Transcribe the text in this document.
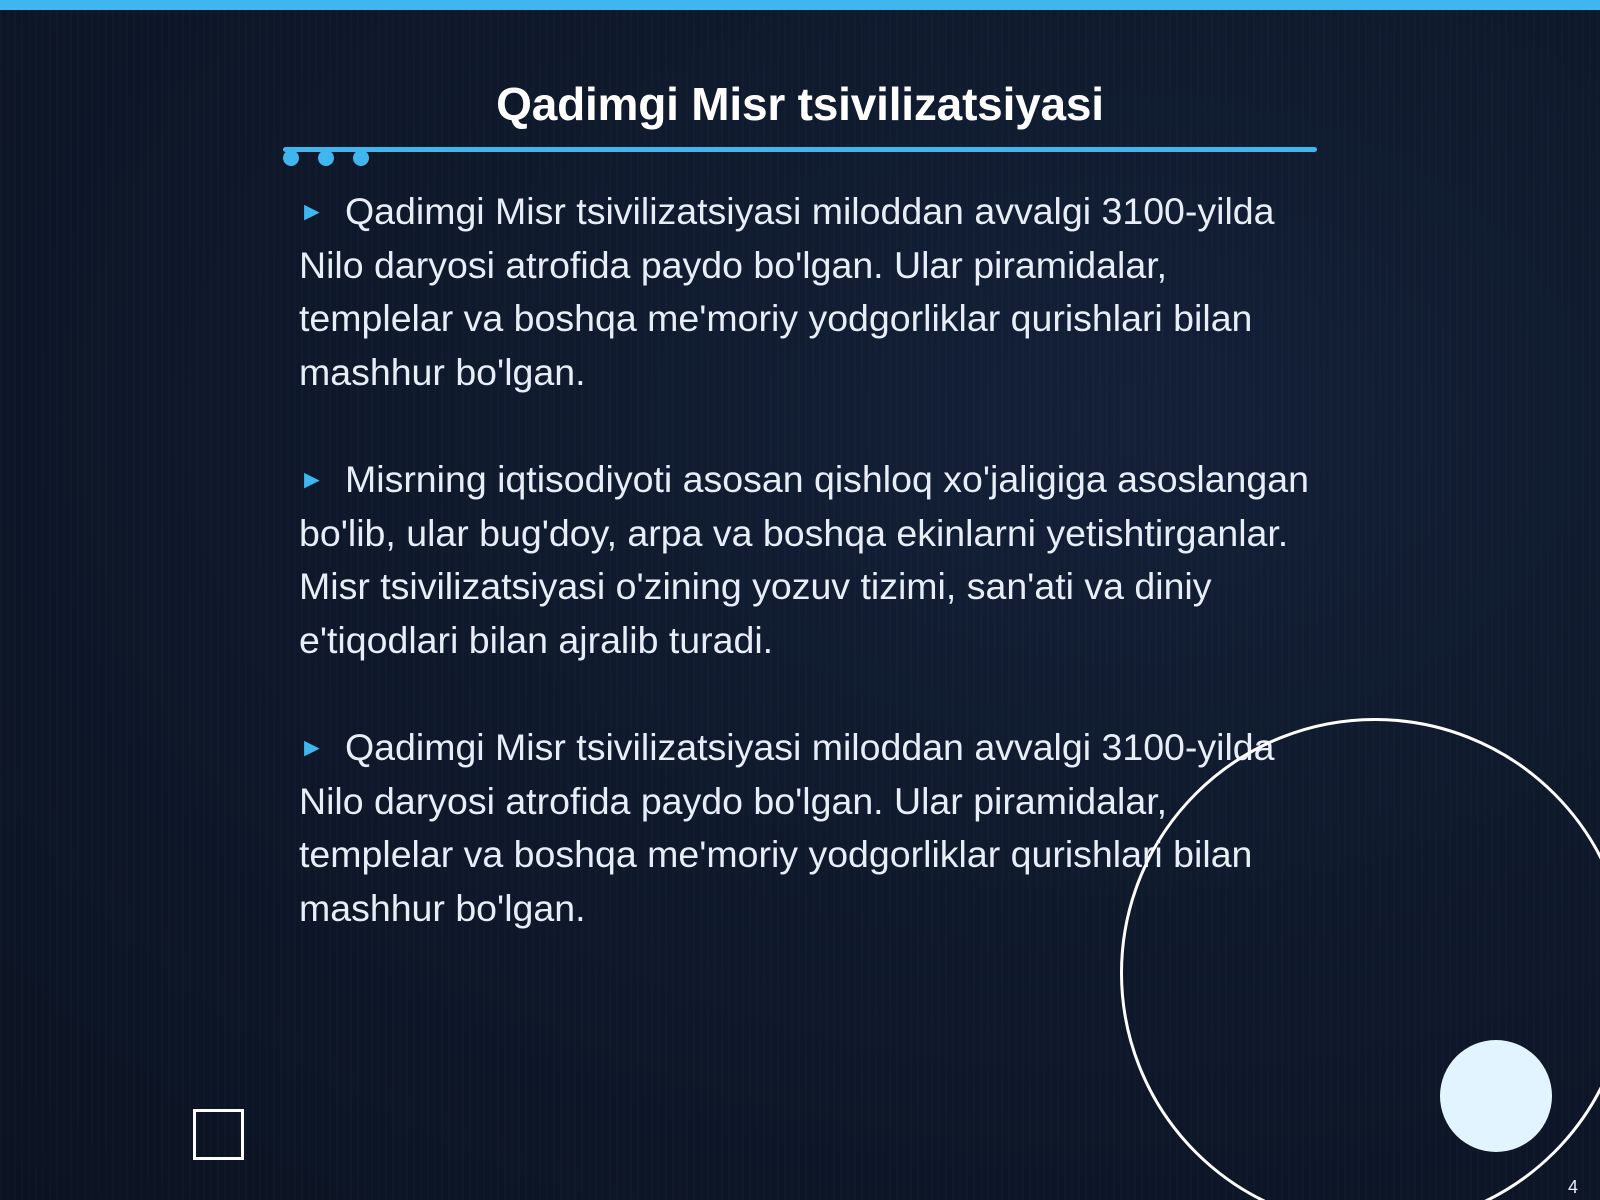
Qadimgi Misr tsivilizatsiyasi
► Qadimgi Misr tsivilizatsiyasi miloddan avvalgi 3100-yilda Nilo daryosi atrofida paydo bo'lgan. Ular piramidalar, templelar va boshqa me'moriy yodgorliklar qurishlari bilan mashhur bo'lgan.
► Misrning iqtisodiyoti asosan qishloq xo'jaligiga asoslangan bo'lib, ular bug'doy, arpa va boshqa ekinlarni yetishtirganlar. Misr tsivilizatsiyasi o'zining yozuv tizimi, san'ati va diniy e'tiqodlari bilan ajralib turadi.
► Qadimgi Misr tsivilizatsiyasi miloddan avvalgi 3100-yilda Nilo daryosi atrofida paydo bo'lgan. Ular piramidalar, templelar va boshqa me'moriy yodgorliklar qurishlari bilan mashhur bo'lgan.
4
